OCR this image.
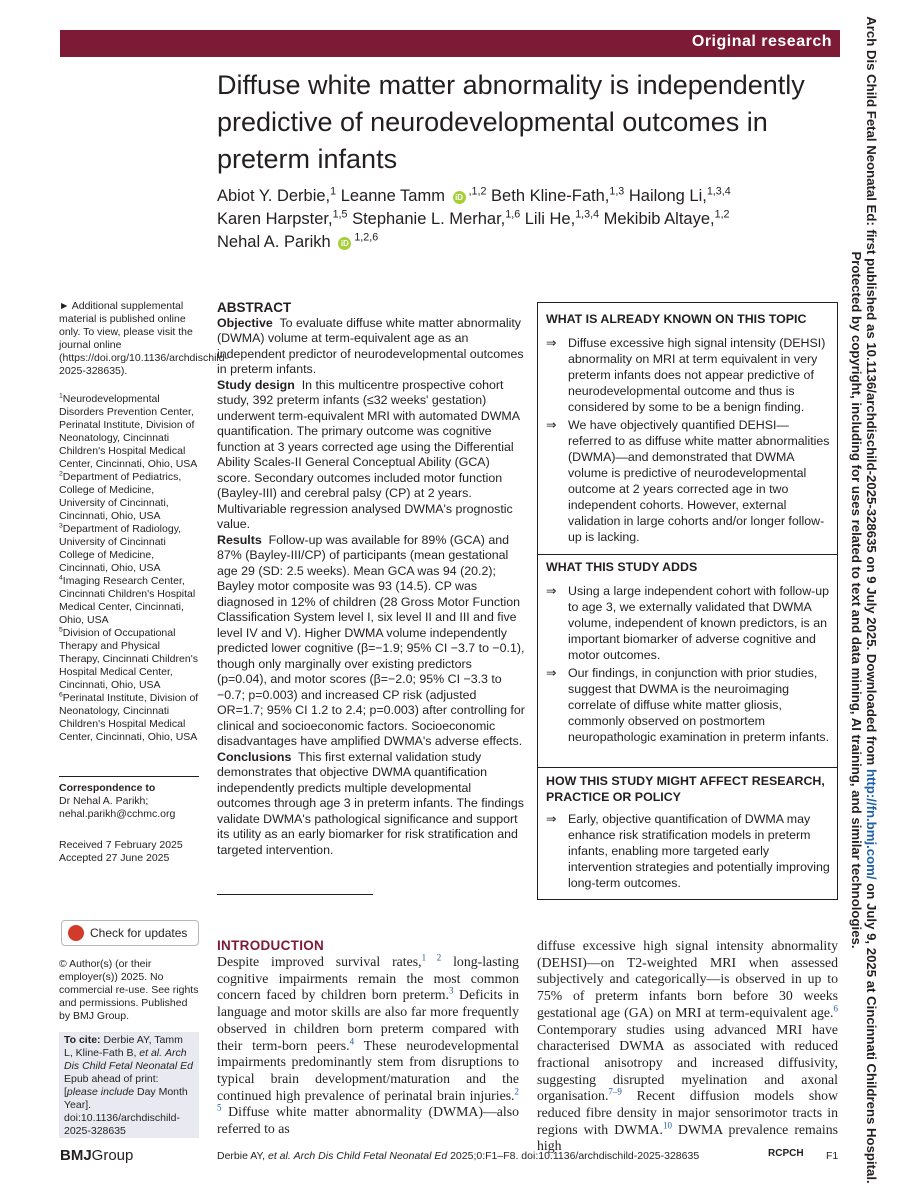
Original research
Diffuse white matter abnormality is independently predictive of neurodevelopmental outcomes in preterm infants
Abiot Y. Derbie,$^1$ Leanne Tamm iD $^{,1,2}$ Beth Kline-Fath,$^{1,3}$ Hailong Li,$^{1,3,4}$
Karen Harpster,$^{1,5}$ Stephanie L. Merhar,$^{1,6}$ Lili He,$^{1,3,4}$ Mekibib Altaye,$^{1,2}$
Nehal A. Parikh iD $^{1,2,6}$

► Additional supplemental material is published online only. To view, please visit the journal online (https://doi.org/10.1136/archdischild-2025-328635).

$^1$Neurodevelopmental Disorders Prevention Center, Perinatal Institute, Division of Neonatology, Cincinnati Children's Hospital Medical Center, Cincinnati, Ohio, USA

$^2$Department of Pediatrics, College of Medicine, University of Cincinnati, Cincinnati, Ohio, USA

$^3$Department of Radiology, University of Cincinnati College of Medicine, Cincinnati, Ohio, USA

$^4$Imaging Research Center, Cincinnati Children's Hospital Medical Center, Cincinnati, Ohio, USA

$^5$Division of Occupational Therapy and Physical Therapy, Cincinnati Children's Hospital Medical Center, Cincinnati, Ohio, USA

$^6$Perinatal Institute, Division of Neonatology, Cincinnati Children's Hospital Medical Center, Cincinnati, Ohio, USA

Correspondence to

Dr Nehal A. Parikh;

nehal.parikh@cchmc.org

Received 7 February 2025

Accepted 27 June 2025

Check for updates

© Author(s) (or their employer(s)) 2025. No commercial re-use. See rights and permissions. Published by BMJ Group.

To cite: Derbie AY, Tamm L, Kline-Fath B, et al. Arch Dis Child Fetal Neonatal Ed Epub ahead of print: [please include Day Month Year]. doi:10.1136/archdischild-2025-328635

ABSTRACT

Objective To evaluate diffuse white matter abnormality (DWMA) volume at term-equivalent age as an independent predictor of neurodevelopmental outcomes in preterm infants.

Study design In this multicentre prospective cohort study, 392 preterm infants (≤32 weeks' gestation) underwent term-equivalent MRI with automated DWMA quantification. The primary outcome was cognitive function at 3 years corrected age using the Differential Ability Scales-II General Conceptual Ability (GCA) score. Secondary outcomes included motor function (Bayley-III) and cerebral palsy (CP) at 2 years. Multivariable regression analysed DWMA's prognostic value.

Results Follow-up was available for 89% (GCA) and 87% (Bayley-III/CP) of participants (mean gestational age 29 (SD: 2.5 weeks). Mean GCA was 94 (20.2); Bayley motor composite was 93 (14.5). CP was diagnosed in 12% of children (28 Gross Motor Function Classification System level I, six level II and III and five level IV and V). Higher DWMA volume independently predicted lower cognitive (β=−1.9; 95% CI −3.7 to −0.1), though only marginally over existing predictors (p=0.04), and motor scores (β=−2.0; 95% CI −3.3 to −0.7; p=0.003) and increased CP risk (adjusted OR=1.7; 95% CI 1.2 to 2.4; p=0.003) after controlling for clinical and socioeconomic factors. Socioeconomic disadvantages have amplified DWMA's adverse effects.

Conclusions This first external validation study demonstrates that objective DWMA quantification independently predicts multiple developmental outcomes through age 3 in preterm infants. The findings validate DWMA's pathological significance and support its utility as an early biomarker for risk stratification and targeted intervention.

WHAT IS ALREADY KNOWN ON THIS TOPIC
⇒ Diffuse excessive high signal intensity (DEHSI) abnormality on MRI at term equivalent in very preterm infants does not appear predictive of neurodevelopmental outcome and thus is considered by some to be a benign finding.
⇒ We have objectively quantified DEHSI—referred to as diffuse white matter abnormalities (DWMA)—and demonstrated that DWMA volume is predictive of neurodevelopmental outcome at 2 years corrected age in two independent cohorts. However, external validation in large cohorts and/or longer follow-up is lacking.
WHAT THIS STUDY ADDS
⇒ Using a large independent cohort with follow-up to age 3, we externally validated that DWMA volume, independent of known predictors, is an important biomarker of adverse cognitive and motor outcomes.
⇒ Our findings, in conjunction with prior studies, suggest that DWMA is the neuroimaging correlate of diffuse white matter gliosis, commonly observed on postmortem neuropathologic examination in preterm infants.
HOW THIS STUDY MIGHT AFFECT RESEARCH, PRACTICE OR POLICY
⇒ Early, objective quantification of DWMA may enhance risk stratification models in preterm infants, enabling more targeted early intervention strategies and potentially improving long-term outcomes.
INTRODUCTION

Despite improved survival rates,$^{1 2}$ long-lasting cognitive impairments remain the most common concern faced by children born preterm.$^3$ Deficits in language and motor skills are also far more frequently observed in children born preterm compared with their term-born peers.$^4$ These neurodevelopmental impairments predominantly stem from disruptions to typical brain development/maturation and the continued high prevalence of perinatal brain injuries.$^{2 5}$ Diffuse white matter abnormality (DWMA)—also referred to as

diffuse excessive high signal intensity abnormality (DEHSI)—on T2-weighted MRI when assessed subjectively and categorically—is observed in up to 75% of preterm infants born before 30 weeks gestational age (GA) on MRI at term-equivalent age.$^6$ Contemporary studies using advanced MRI have characterised DWMA as associated with reduced fractional anisotropy and increased diffusivity, suggesting disrupted myelination and axonal organisation.$^{7-9}$ Recent diffusion models show reduced fibre density in major sensorimotor tracts in regions with DWMA.$^{10}$ DWMA prevalence remains high

BMJGroup	Derbie AY, et al. Arch Dis Child Fetal Neonatal Ed 2025;0:F1–F8. doi:10.1136/archdischild-2025-328635	RCPCH F1
Arch Dis Child Fetal Neonatal Ed: first published as 10.1136/archdischild-2025-328635 on 9 July 2025. Downloaded from http://fn.bmj.com/ on July 9, 2025 at Cincinnati Childrens Hospital.
Protected by copyright, including for uses related to text and data mining, AI training, and similar technologies.
